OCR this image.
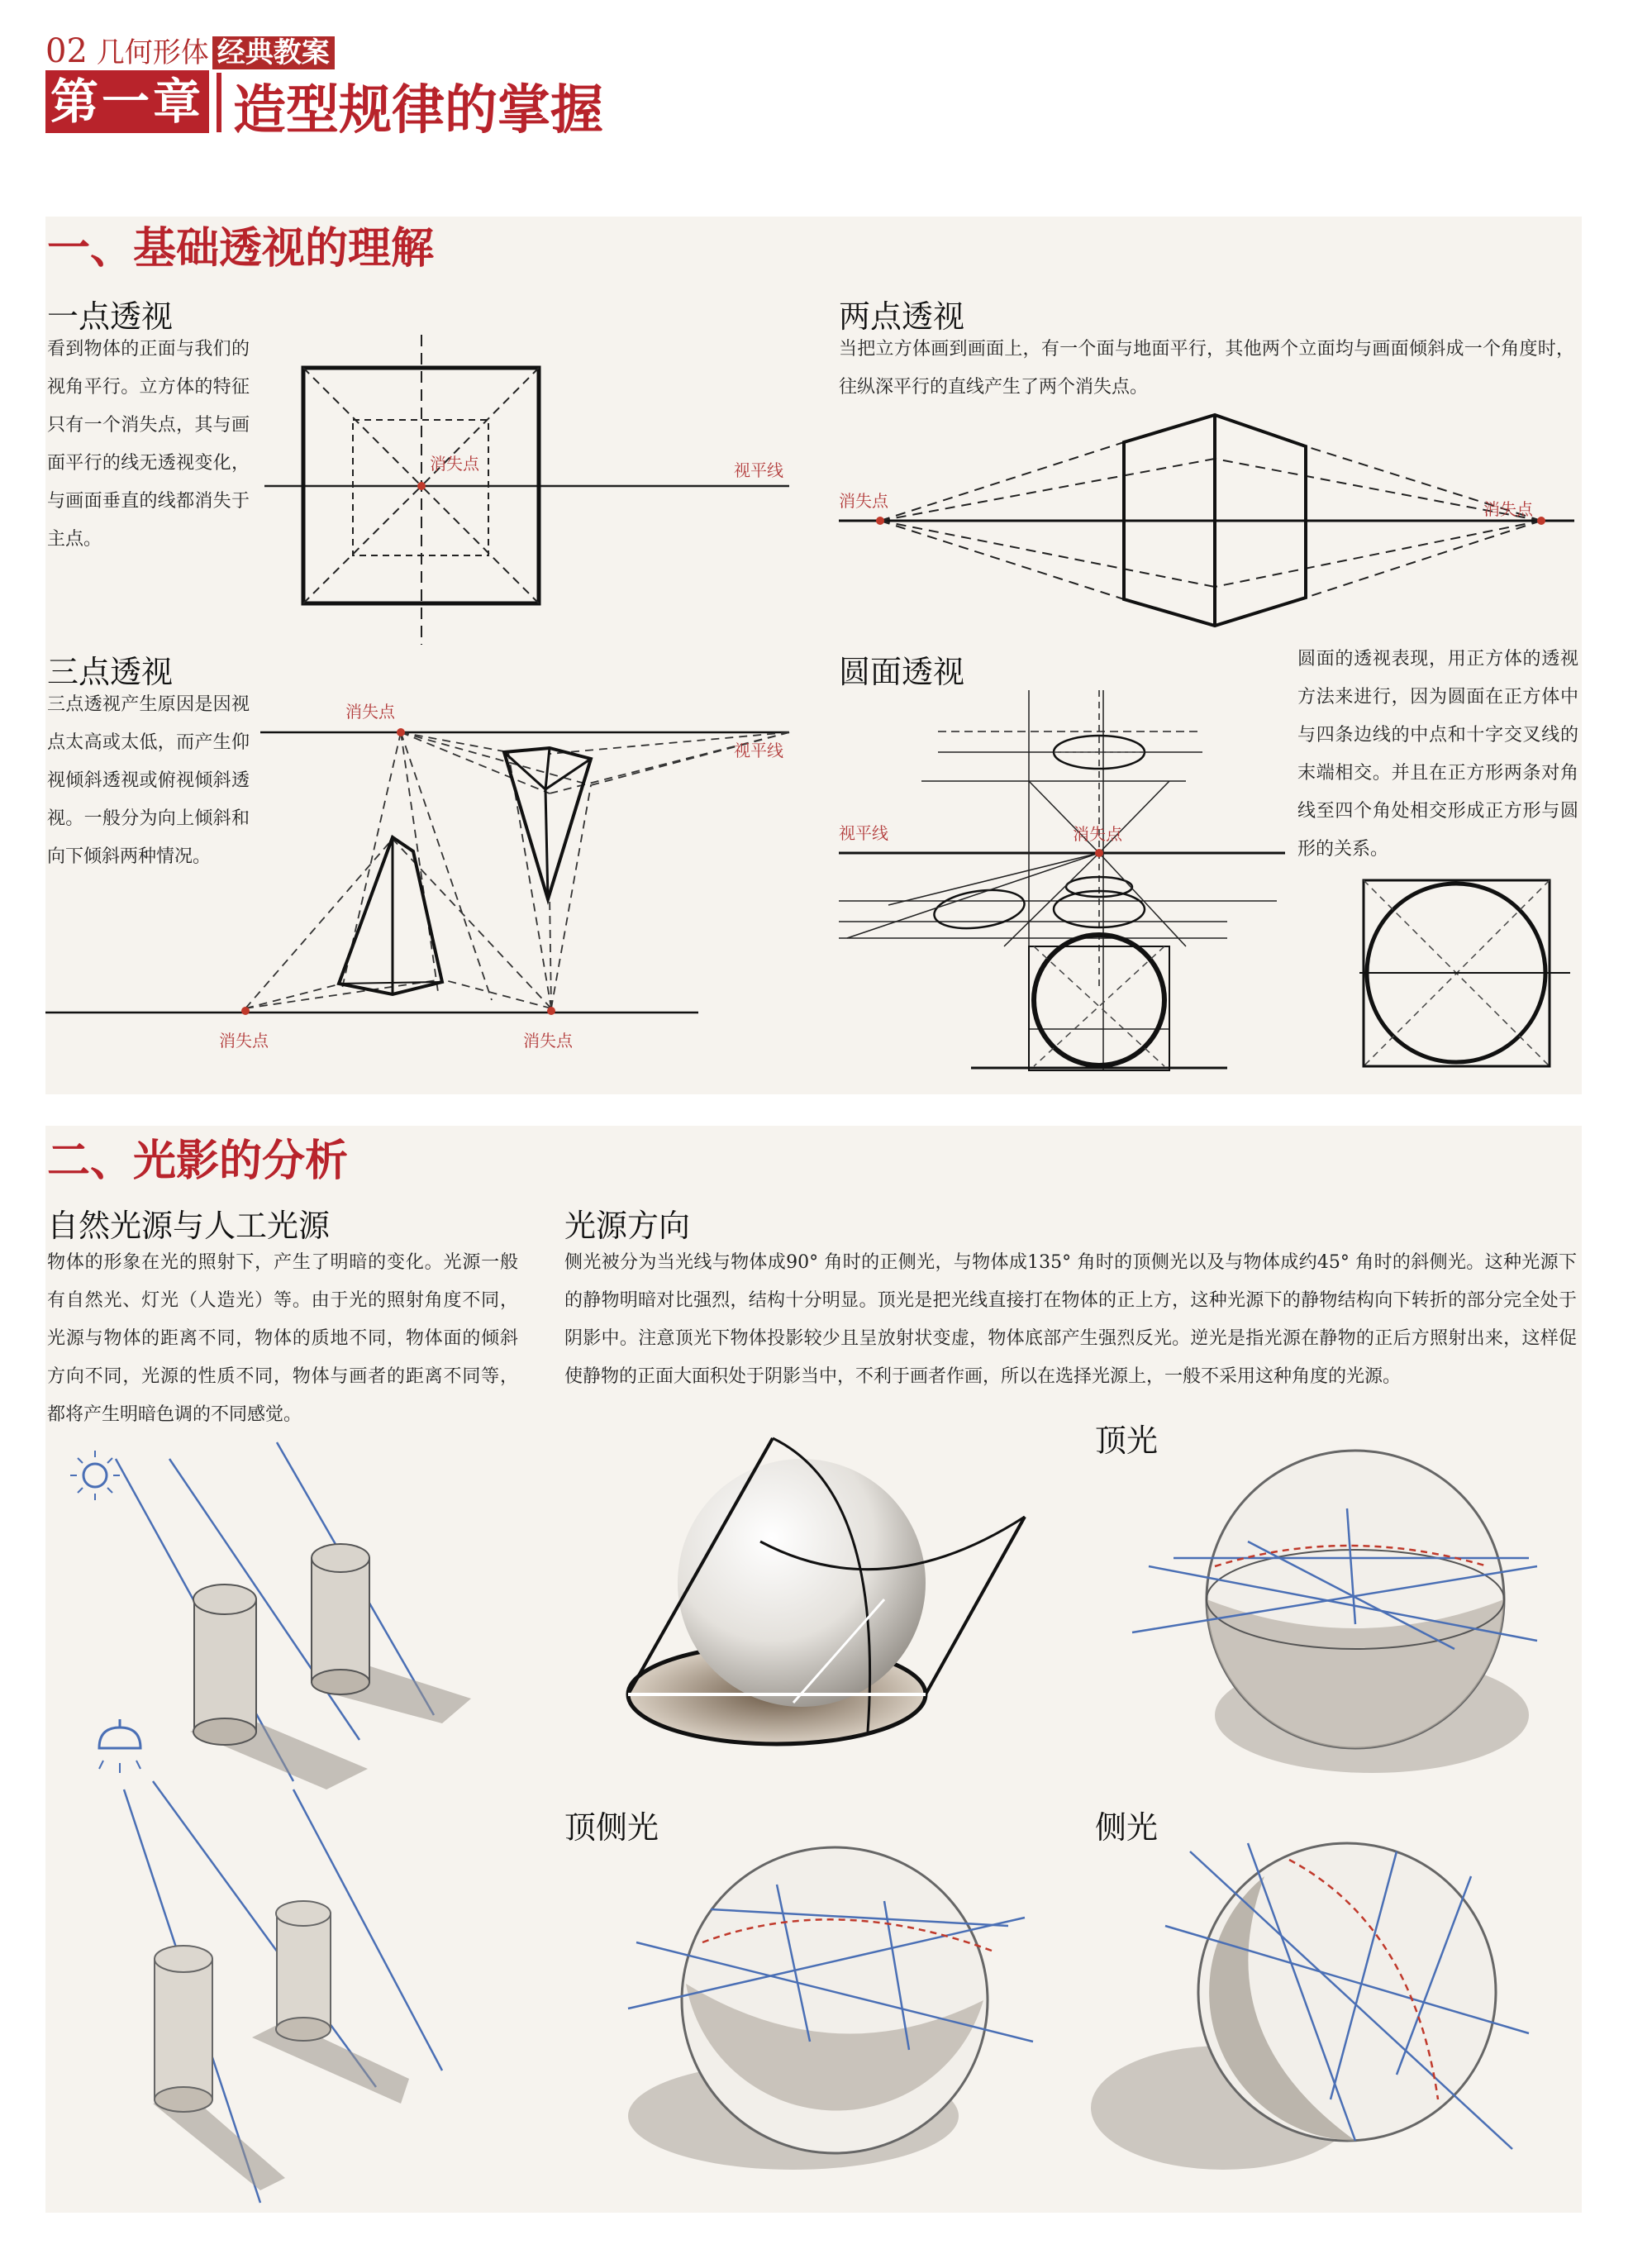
02 几何形体 经典教案
第一章 造型规律的掌握
一、基础透视的理解
一点透视
看到物体的正面与我们的视角平行。立方体的特征只有一个消失点，其与画面平行的线无透视变化，与画面垂直的线都消失于主点。
消失点	视平线
两点透视
当把立方体画到画面上，有一个面与地面平行，其他两个立面均与画面倾斜成一个角度时，往纵深平行的直线产生了两个消失点。
消失点	消失点
三点透视
三点透视产生原因是因视点太高或太低，而产生仰视倾斜透视或俯视倾斜透视。一般分为向上倾斜和向下倾斜两种情况。
消失点
视平线
消失点	消失点
圆面透视	圆面的透视表现，用正方体的透视方法来进行，因为圆面在正方体中与四条边线的中点和十字交叉线的末端相交。并且在正方形两条对角线至四个角处相交形成正方形与圆形的关系。
视平线	消失点
二、光影的分析
自然光源与人工光源
物体的形象在光的照射下，产生了明暗的变化。光源一般有自然光、灯光（人造光）等。由于光的照射角度不同，光源与物体的距离不同，物体的质地不同，物体面的倾斜方向不同，光源的性质不同，物体与画者的距离不同等，都将产生明暗色调的不同感觉。
光源方向
侧光被分为当光线与物体成90° 角时的正侧光，与物体成135° 角时的顶侧光以及与物体成约45° 角时的斜侧光。这种光源下的静物明暗对比强烈，结构十分明显。顶光是把光线直接打在物体的正上方，这种光源下的静物结构向下转折的部分完全处于阴影中。注意顶光下物体投影较少且呈放射状变虚，物体底部产生强烈反光。逆光是指光源在静物的正后方照射出来，这样促使静物的正面大面积处于阴影当中，不利于画者作画，所以在选择光源上，一般不采用这种角度的光源。
顶光
顶侧光	侧光
